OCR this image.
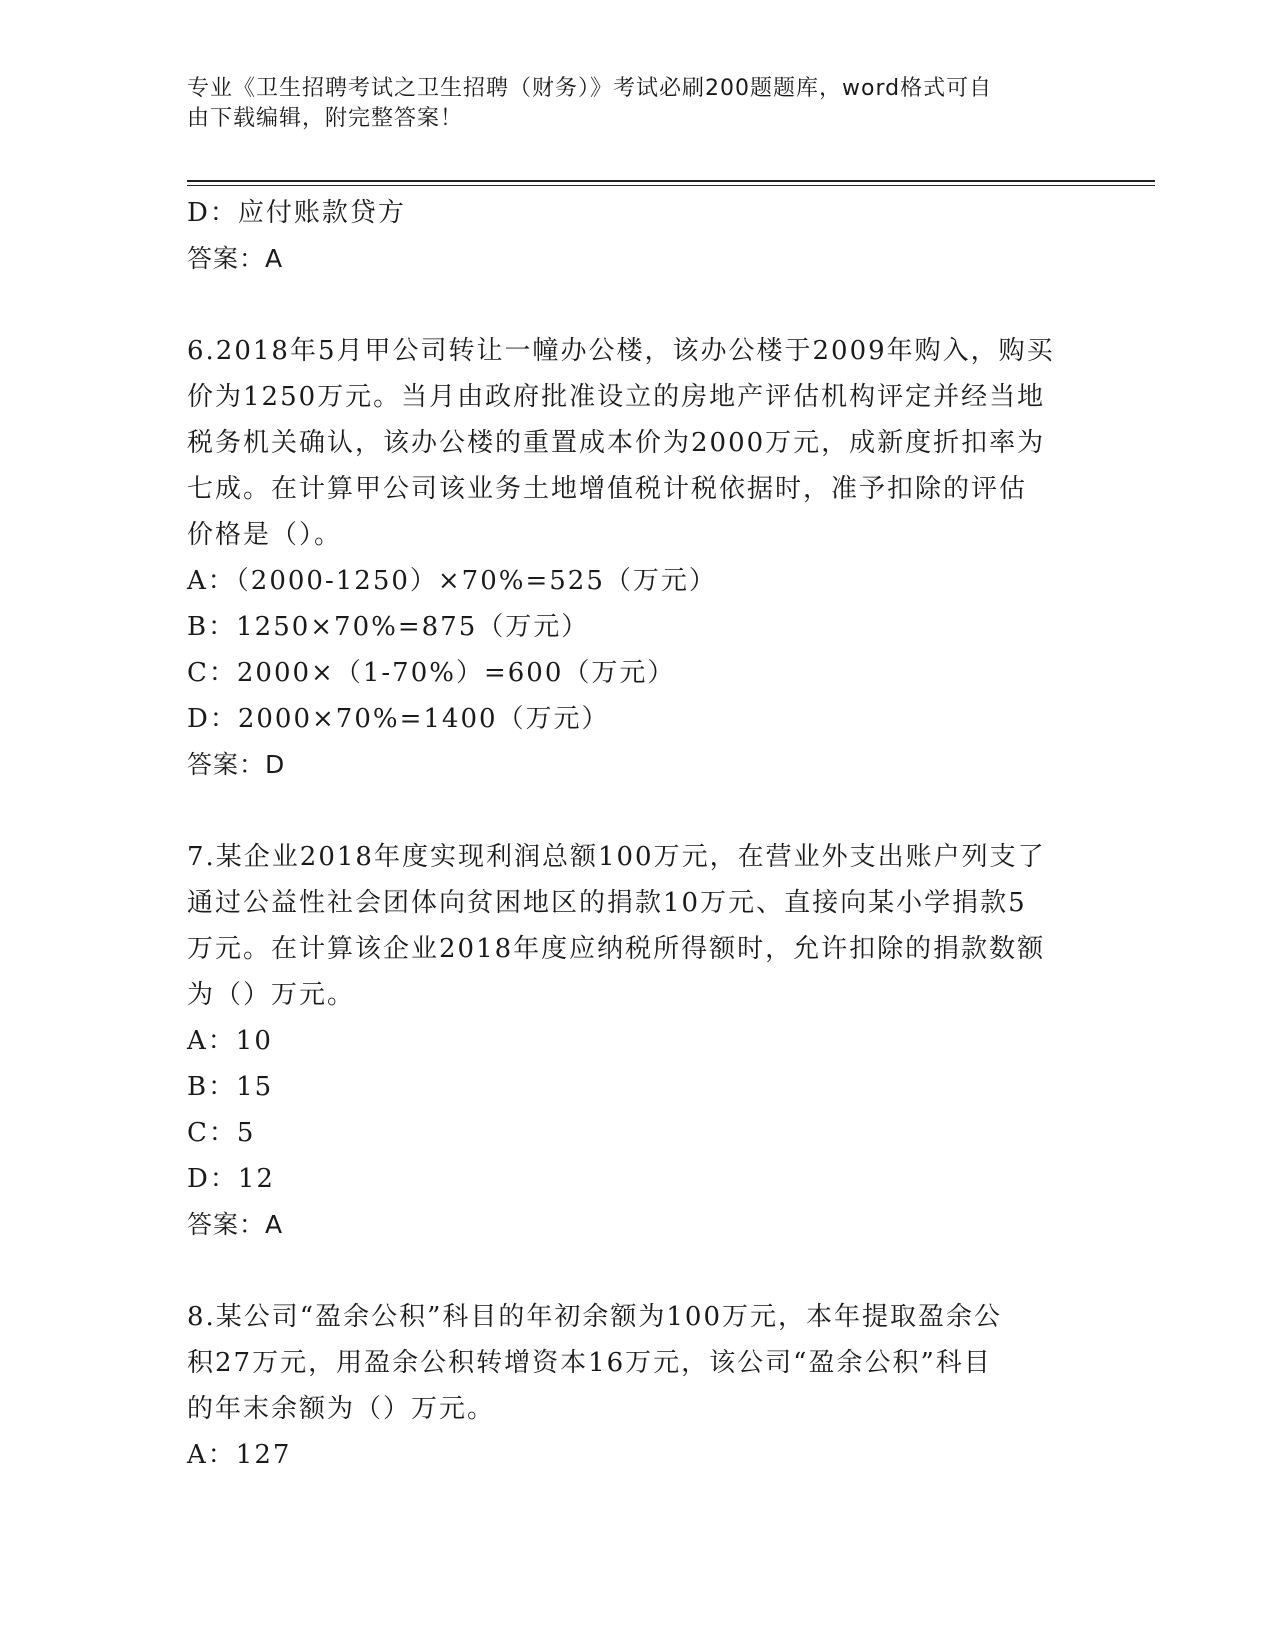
专业《卫生招聘考试之卫生招聘（财务）》考试必刷200题题库，word格式可自
由下载编辑，附完整答案！
D：应付账款贷方
答案：A
6.2018年5月甲公司转让一幢办公楼，该办公楼于2009年购入，购买
价为1250万元。当月由政府批准设立的房地产评估机构评定并经当地
税务机关确认，该办公楼的重置成本价为2000万元，成新度折扣率为
七成。在计算甲公司该业务土地增值税计税依据时，准予扣除的评估
价格是（）。
A：（2000-1250）×70%=525（万元）
B：1250×70%=875（万元）
C：2000×（1-70%）=600（万元）
D：2000×70%=1400（万元）
答案：D
7.某企业2018年度实现利润总额100万元，在营业外支出账户列支了
通过公益性社会团体向贫困地区的捐款10万元、直接向某小学捐款5
万元。在计算该企业2018年度应纳税所得额时，允许扣除的捐款数额
为（）万元。
A：10
B：15
C：5
D：12
答案：A
8.某公司“盈余公积”科目的年初余额为100万元，本年提取盈余公
积27万元，用盈余公积转增资本16万元，该公司“盈余公积”科目
的年末余额为（）万元。
A：127
